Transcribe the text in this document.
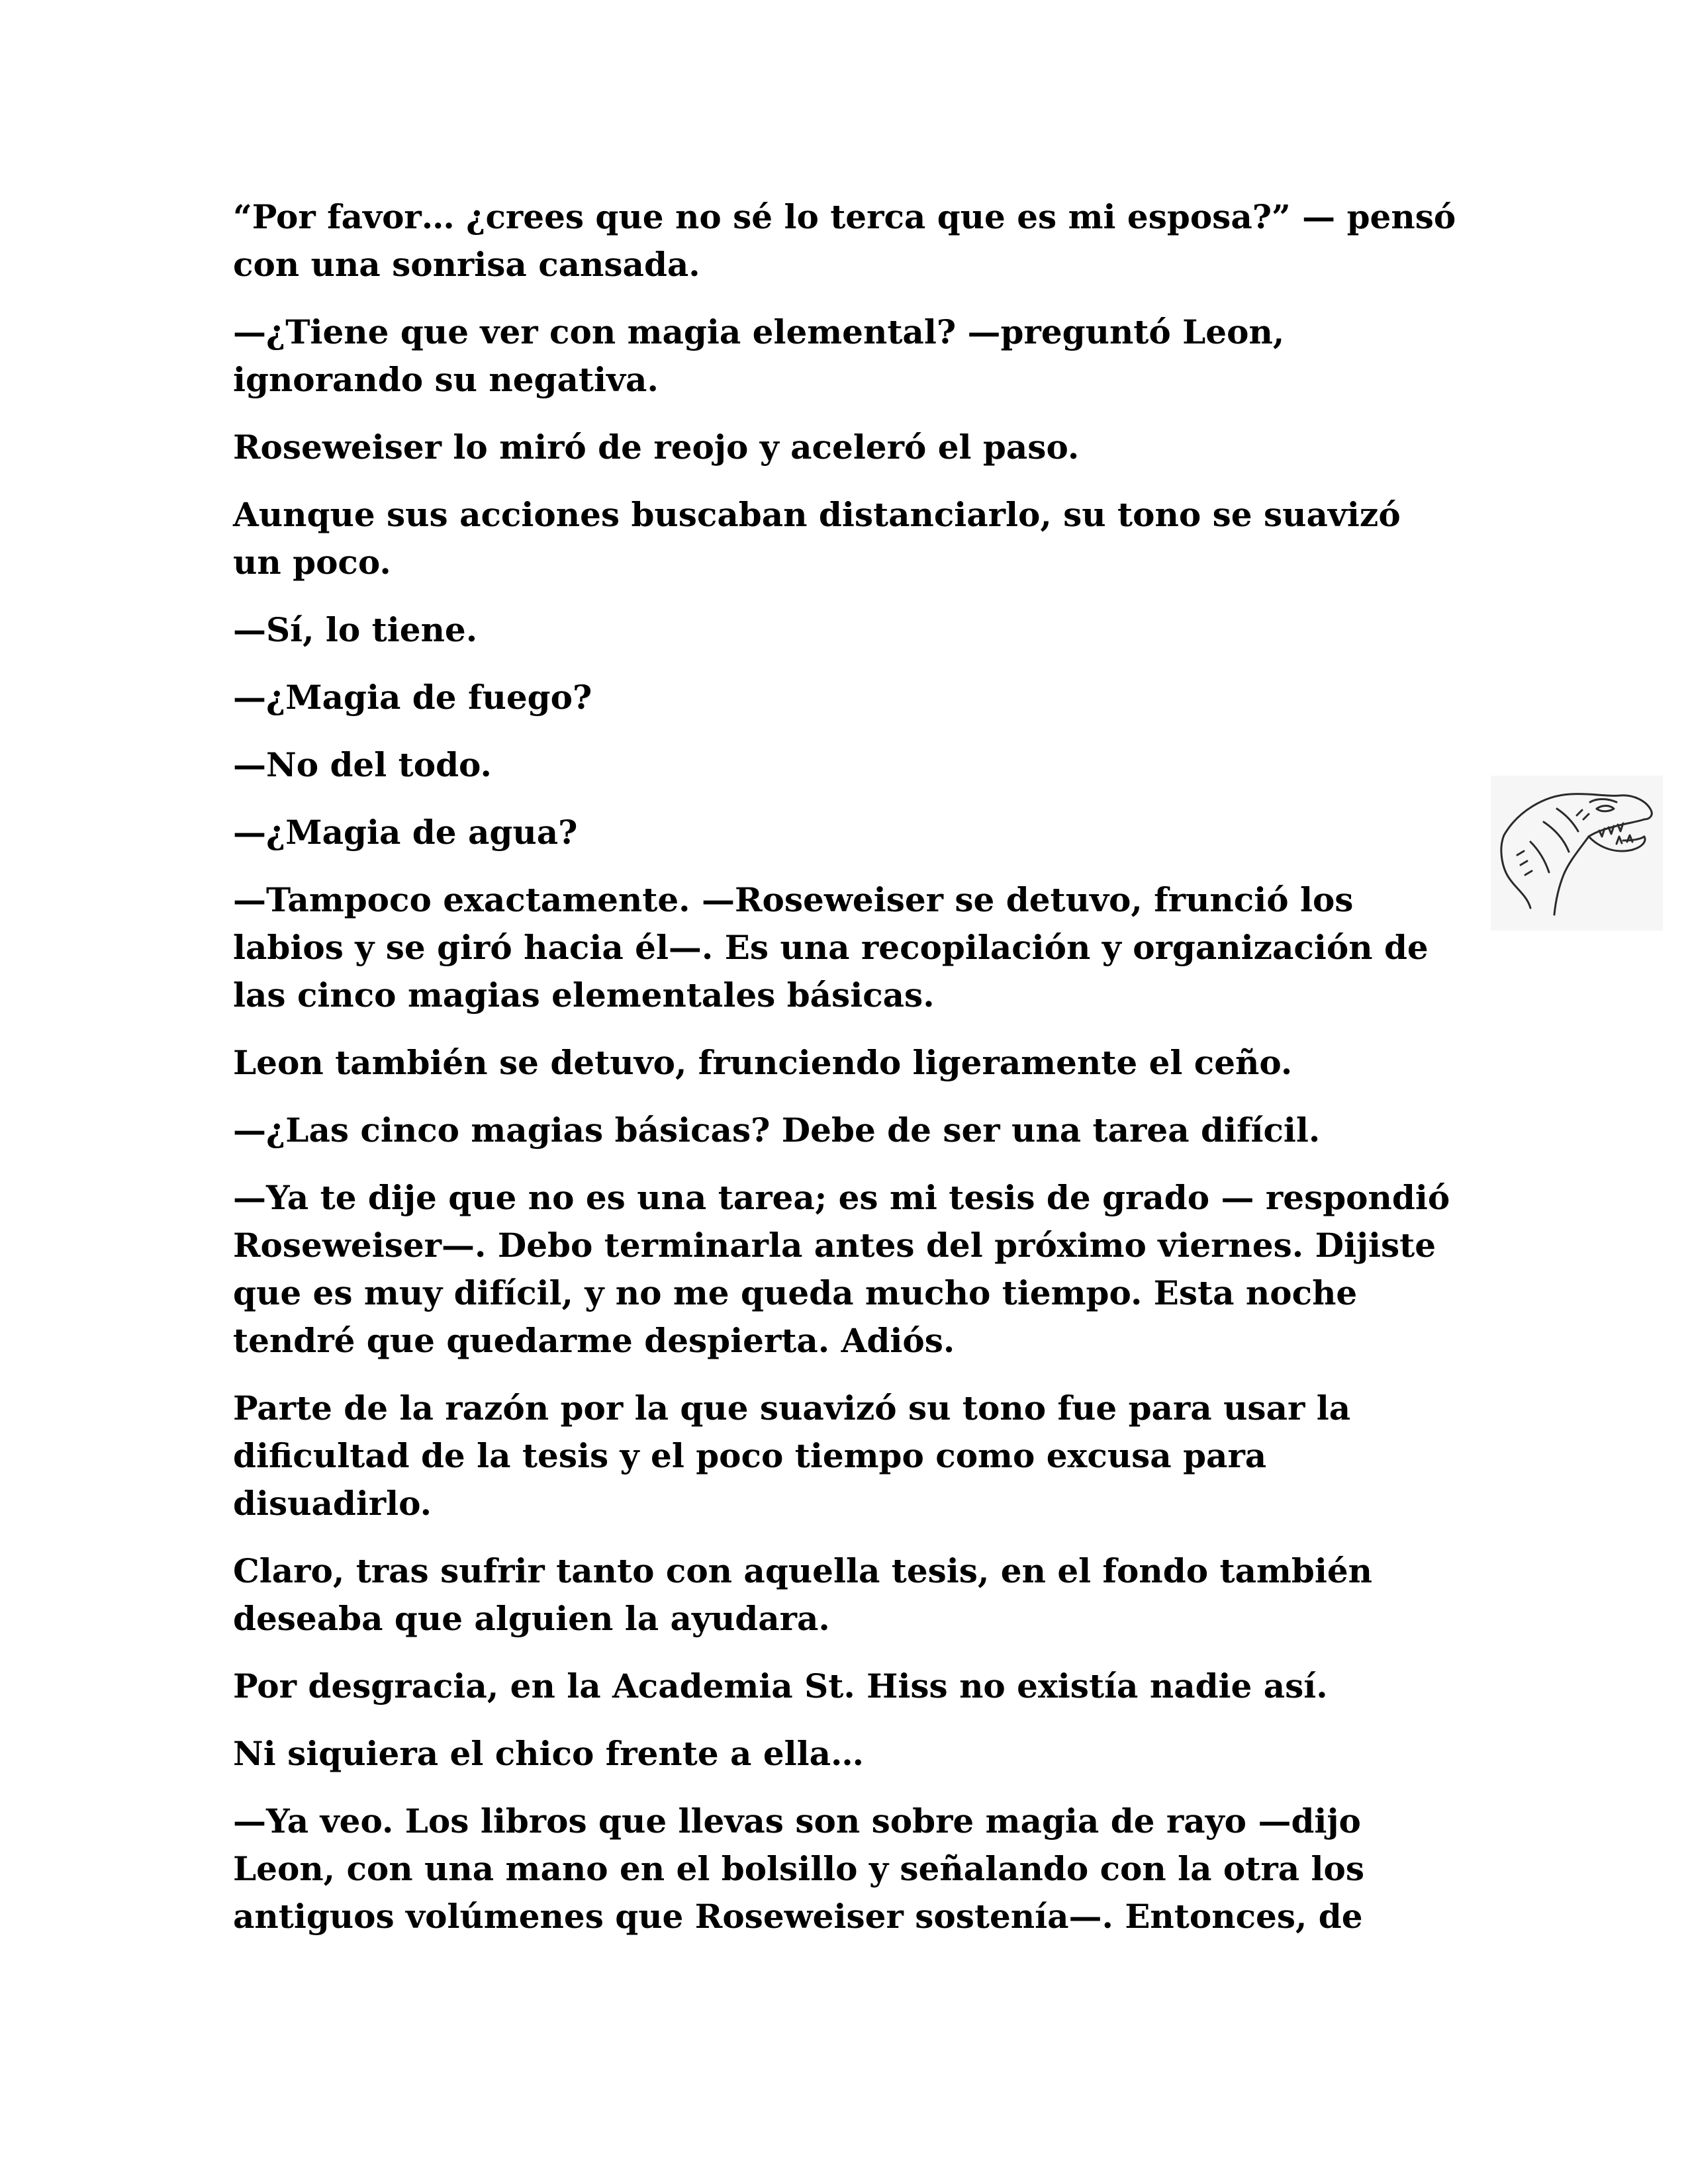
“Por favor… ¿crees que no sé lo terca que es mi esposa?” — pensó con una sonrisa cansada.

—¿Tiene que ver con magia elemental? —preguntó Leon, ignorando su negativa.

Roseweiser lo miró de reojo y aceleró el paso.

Aunque sus acciones buscaban distanciarlo, su tono se suavizó un poco.

—Sí, lo tiene.

—¿Magia de fuego?

—No del todo.

—¿Magia de agua?

—Tampoco exactamente. —Roseweiser se detuvo, frunció los labios y se giró hacia él—. Es una recopilación y organización de las cinco magias elementales básicas.

Leon también se detuvo, frunciendo ligeramente el ceño.

—¿Las cinco magias básicas? Debe de ser una tarea difícil.

—Ya te dije que no es una tarea; es mi tesis de grado — respondió Roseweiser—. Debo terminarla antes del próximo viernes. Dijiste que es muy difícil, y no me queda mucho tiempo. Esta noche tendré que quedarme despierta. Adiós.

Parte de la razón por la que suavizó su tono fue para usar la dificultad de la tesis y el poco tiempo como excusa para disuadirlo.

Claro, tras sufrir tanto con aquella tesis, en el fondo también deseaba que alguien la ayudara.

Por desgracia, en la Academia St. Hiss no existía nadie así.

Ni siquiera el chico frente a ella…

—Ya veo. Los libros que llevas son sobre magia de rayo —dijo Leon, con una mano en el bolsillo y señalando con la otra los antiguos volúmenes que Roseweiser sostenía—. Entonces, de
